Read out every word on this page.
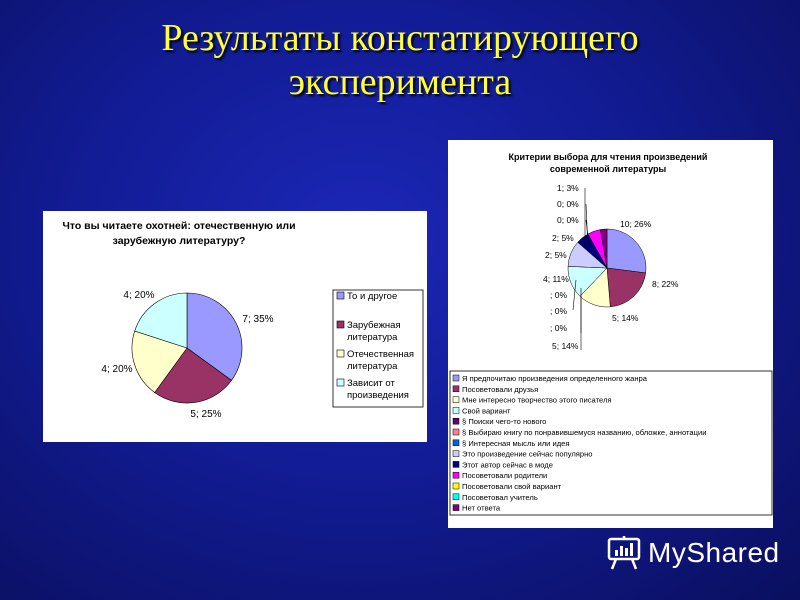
Результаты констатирующего
эксперимента
Что вы читаете охотней: отечественную или
зарубежную литературу?
7; 35%
5; 25%
4; 20%
4; 20%	То и другое
Зарубежная
литература
Отечественная
литература
Зависит от
произведения
Критерии выбора для чтения произведений
современной литературы
10; 26%
8; 22%
5; 14%
5; 14%
; 0%
; 0%
; 0%
4; 11%
2; 5%
2; 5%
0; 0%
0; 0%
1; 3%
Я предпочитаю произведения определенного жанра
Посоветовали друзья
Мне интересно творчество этого писателя
Свой вариант
§ Поиски чего-то нового
§ Выбираю книгу по понравившемуся названию, обложке, аннотации
§ Интересная мысль или идея
Это произведение сейчас популярно
Этот автор сейчас в моде
Посоветовали родители
Посоветовали свой вариант
Посоветовал учитель
Нет ответа
MyShared
